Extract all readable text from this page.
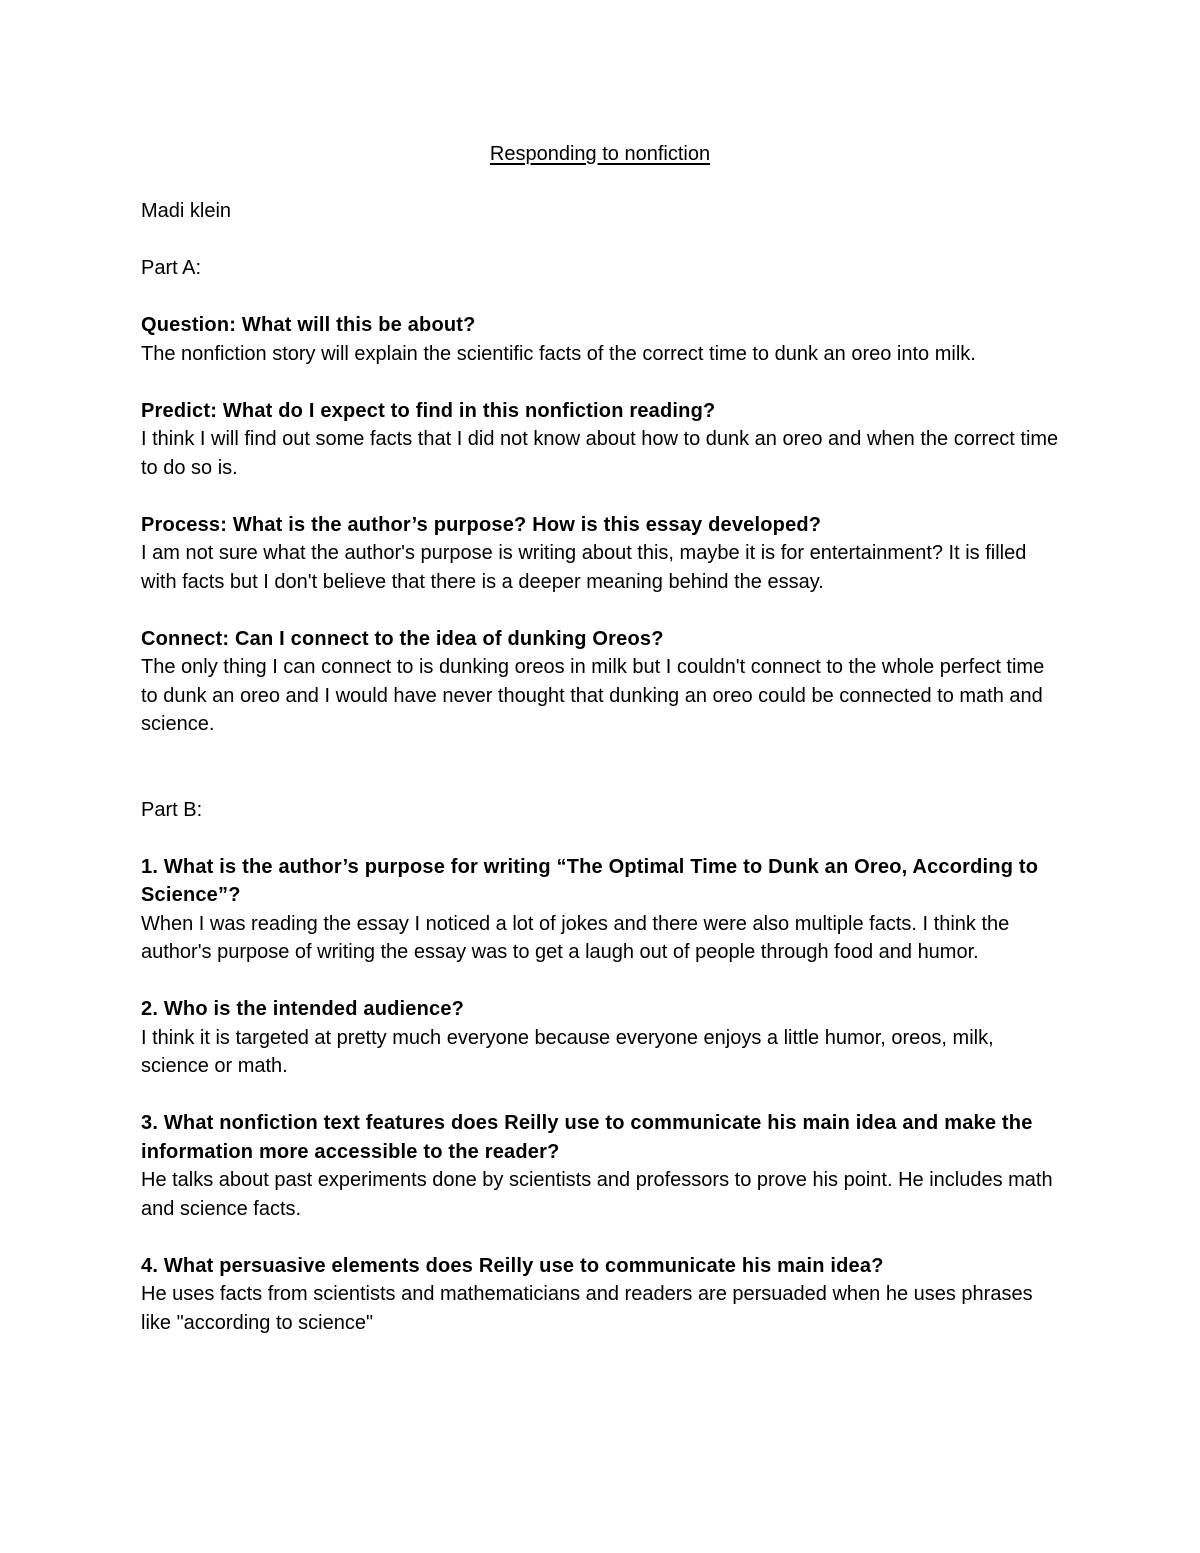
Responding to nonfiction

Madi klein

Part A:

Question: What will this be about?

The nonfiction story will explain the scientific facts of the correct time to dunk an oreo into milk.

Predict: What do I expect to find in this nonfiction reading?

I think I will find out some facts that I did not know about how to dunk an oreo and when the correct time to do so is.

Process: What is the author’s purpose? How is this essay developed?

I am not sure what the author's purpose is writing about this, maybe it is for entertainment? It is filled with facts but I don't believe that there is a deeper meaning behind the essay.

Connect: Can I connect to the idea of dunking Oreos?

The only thing I can connect to is dunking oreos in milk but I couldn't connect to the whole perfect time to dunk an oreo and I would have never thought that dunking an oreo could be connected to math and science.

Part B:

1. What is the author’s purpose for writing “The Optimal Time to Dunk an Oreo, According to Science”?

When I was reading the essay I noticed a lot of jokes and there were also multiple facts. I think the author's purpose of writing the essay was to get a laugh out of people through food and humor.

2. Who is the intended audience?

I think it is targeted at pretty much everyone because everyone enjoys a little humor, oreos, milk, science or math.

3. What nonfiction text features does Reilly use to communicate his main idea and make the information more accessible to the reader?

He talks about past experiments done by scientists and professors to prove his point. He includes math and science facts.

4. What persuasive elements does Reilly use to communicate his main idea?

He uses facts from scientists and mathematicians and readers are persuaded when he uses phrases like "according to science"
